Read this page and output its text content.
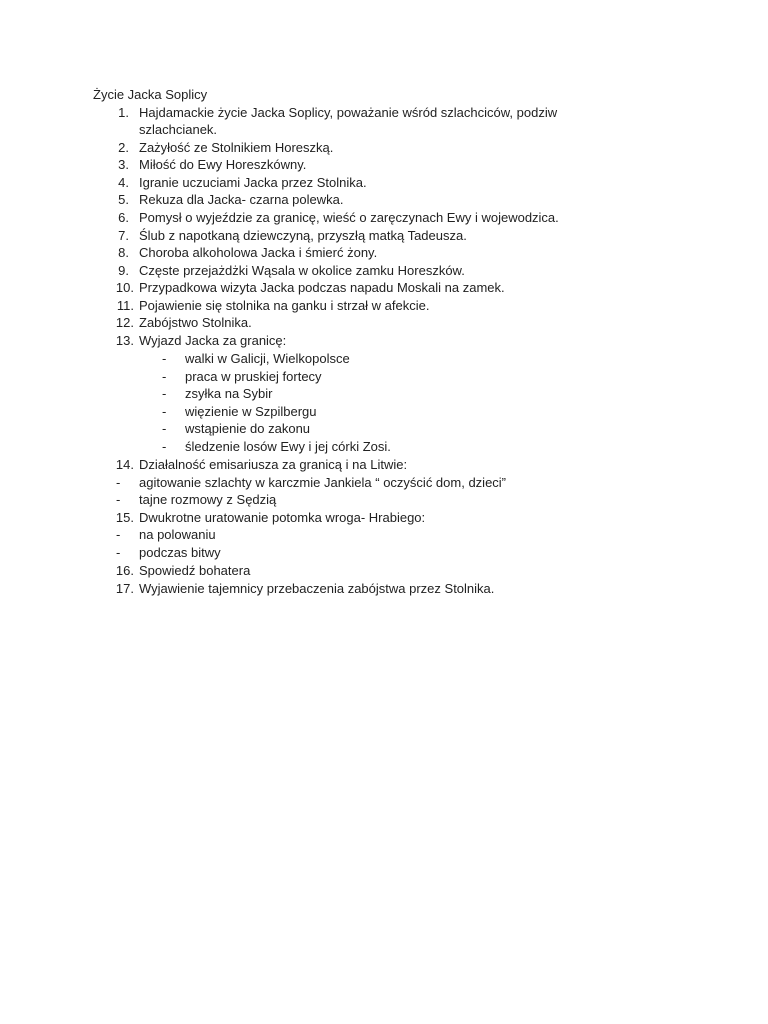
Życie Jacka Soplicy
1. Hajdamackie życie Jacka Soplicy, poważanie wśród szlachciców, podziw
szlachcianek.
2. Zażyłość ze Stolnikiem Horeszką.
3. Miłość do Ewy Horeszkówny.
4. Igranie uczuciami Jacka przez Stolnika.
5. Rekuza dla Jacka- czarna polewka.
6. Pomysł o wyjeździe za granicę, wieść o zaręczynach Ewy i wojewodzica.
7. Ślub z napotkaną dziewczyną, przyszłą matką Tadeusza.
8. Choroba alkoholowa Jacka i śmierć żony.
9. Częste przejażdżki Wąsala w okolice zamku Horeszków.
10. Przypadkowa wizyta Jacka podczas napadu Moskali na zamek.
11. Pojawienie się stolnika na ganku i strzał w afekcie.
12. Zabójstwo Stolnika.
13. Wyjazd Jacka za granicę:
- walki w Galicji, Wielkopolsce
- praca w pruskiej fortecy
- zsyłka na Sybir
- więzienie w Szpilbergu
- wstąpienie do zakonu
- śledzenie losów Ewy i jej córki Zosi.
14. Działalność emisariusza za granicą i na Litwie:
- agitowanie szlachty w karczmie Jankiela “ oczyścić dom, dzieci”
- tajne rozmowy z Sędzią
15. Dwukrotne uratowanie potomka wroga- Hrabiego:
- na polowaniu
- podczas bitwy
16. Spowiedź bohatera
17. Wyjawienie tajemnicy przebaczenia zabójstwa przez Stolnika.
